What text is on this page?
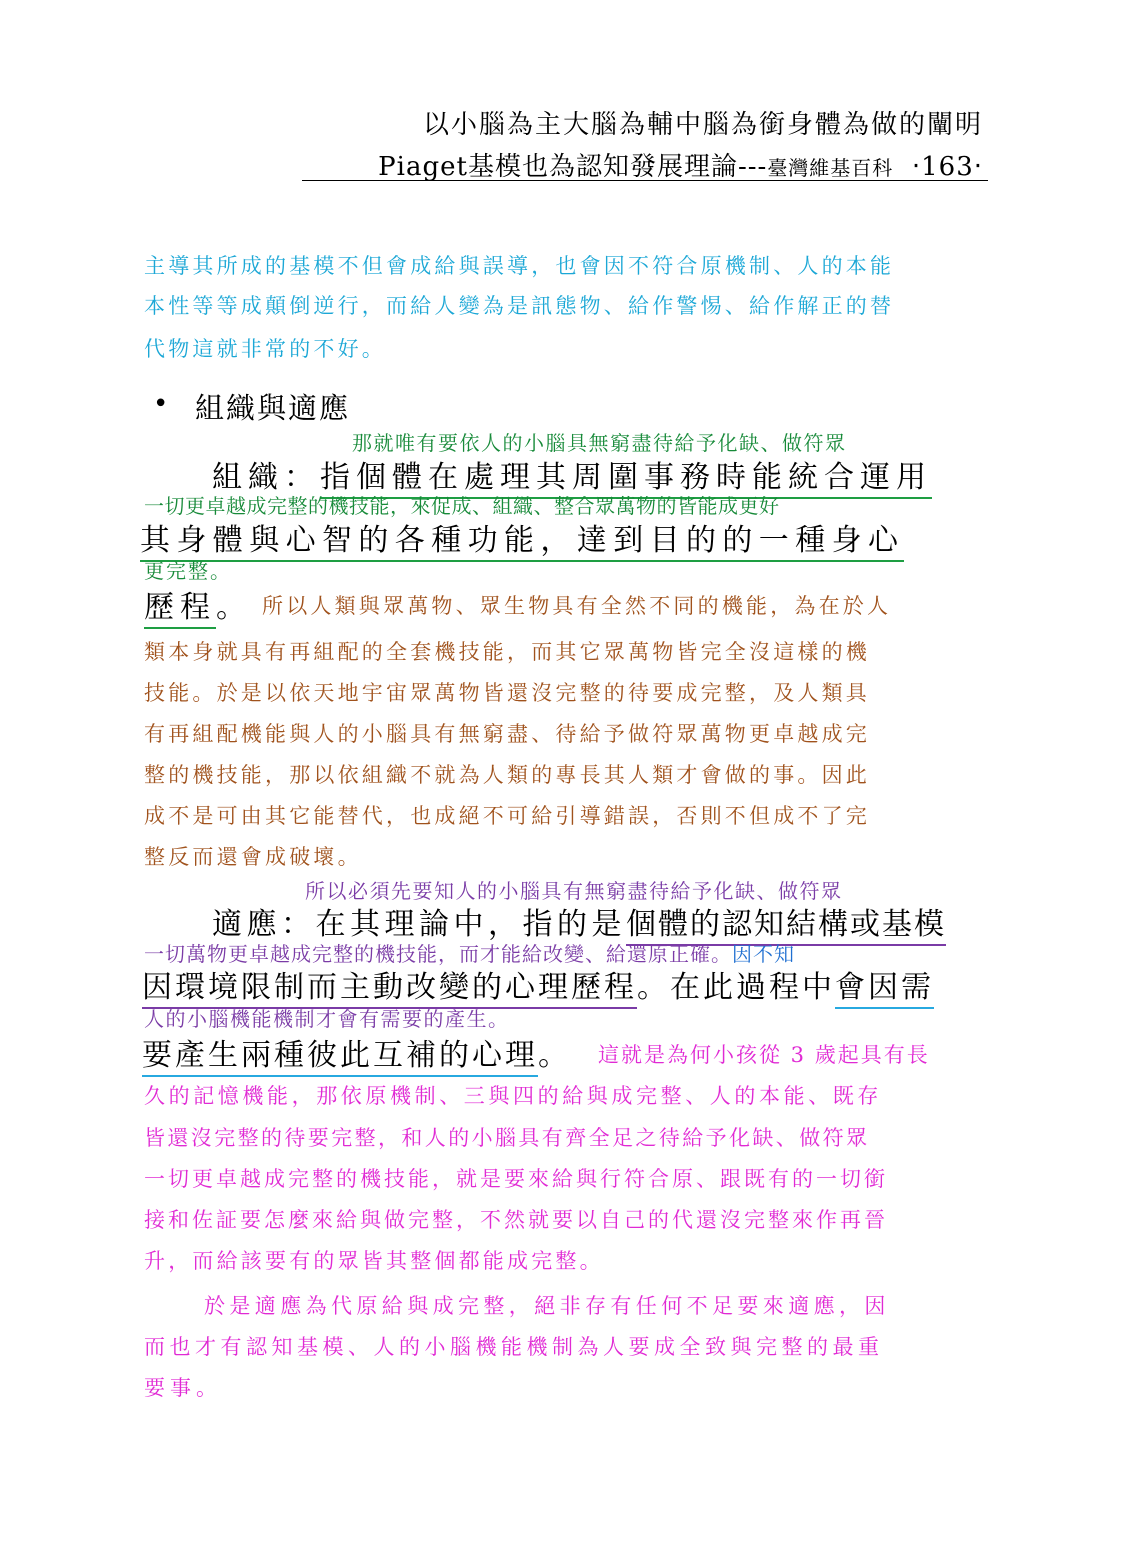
以小腦為主大腦為輔中腦為銜身體為做的闡明
Piaget基模也為認知發展理論---臺灣維基百科 ‧163‧
主導其所成的基模不但會成給與誤導，也會因不符合原機制、人的本能
本性等等成顛倒逆行，而給人變為是訊態物、給作警惕、給作解正的替
代物這就非常的不好。
• 組織與適應
那就唯有要依人的小腦具無窮盡待給予化缺、做符眾
組織：指個體在處理其周圍事務時能統合運用
一切更卓越成完整的機技能，來促成、組織、整合眾萬物的皆能成更好
其身體與心智的各種功能，達到目的的一種身心
更完整。
歷程。 所以人類與眾萬物、眾生物具有全然不同的機能，為在於人
類本身就具有再組配的全套機技能，而其它眾萬物皆完全沒這樣的機
技能。於是以依天地宇宙眾萬物皆還沒完整的待要成完整，及人類具
有再組配機能與人的小腦具有無窮盡、待給予做符眾萬物更卓越成完
整的機技能，那以依組織不就為人類的專長其人類才會做的事。因此
成不是可由其它能替代，也成絕不可給引導錯誤，否則不但成不了完
整反而還會成破壞。
所以必須先要知人的小腦具有無窮盡待給予化缺、做符眾
適應：在其理論中，指的是個體的認知結構或基模
一切萬物更卓越成完整的機技能，而才能給改變、給還原正確。因不知
因環境限制而主動改變的心理歷程。在此過程中會因需
人的小腦機能機制才會有需要的產生。
要產生兩種彼此互補的心理。 這就是為何小孩從 3 歲起具有長
久的記憶機能，那依原機制、三與四的給與成完整、人的本能、既存
皆還沒完整的待要完整，和人的小腦具有齊全足之待給予化缺、做符眾
一切更卓越成完整的機技能，就是要來給與行符合原、跟既有的一切銜
接和佐証要怎麼來給與做完整，不然就要以自己的代還沒完整來作再晉
升，而給該要有的眾皆其整個都能成完整。
於是適應為代原給與成完整，絕非存有任何不足要來適應，因
而也才有認知基模、人的小腦機能機制為人要成全致與完整的最重
要事。
